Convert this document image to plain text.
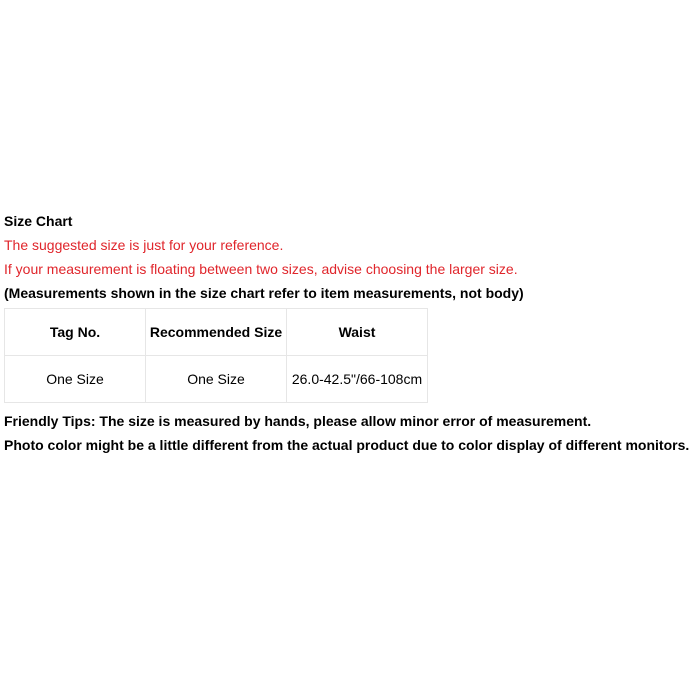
Size Chart
The suggested size is just for your reference.
If your measurement is floating between two sizes, advise choosing the larger size.
(Measurements shown in the size chart refer to item measurements, not body)
Tag No.	Recommended Size	Waist
One Size	One Size	26.0-42.5"/66-108cm
Friendly Tips: The size is measured by hands, please allow minor error of measurement.
Photo color might be a little different from the actual product due to color display of different monitors.
